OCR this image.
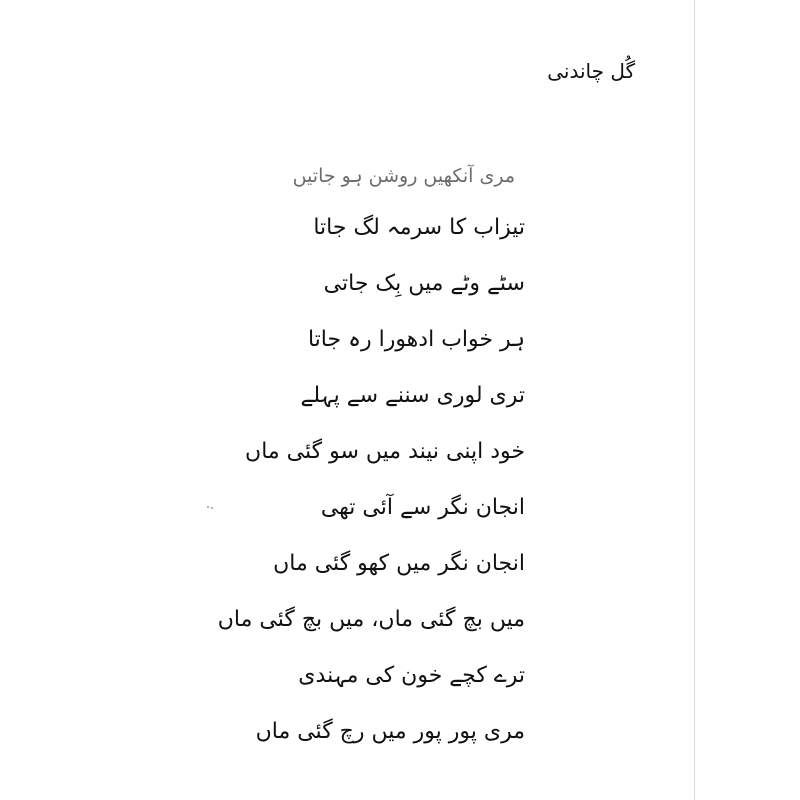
گُل چاندنی
مری آنکھیں روشن ہو جاتیں
تیزاب کا سرمہ لگ جاتا
سٹے وٹے میں بِک جاتی
ہر خواب ادھورا رہ جاتا
تری لوری سننے سے پہلے
خود اپنی نیند میں سو گئی ماں
انجان نگر سے آئی تھی
انجان نگر میں کھو گئی ماں
میں بچ گئی ماں، میں بچ گئی ماں
ترے کچے خون کی مہندی
مری پور پور میں رچ گئی ماں
